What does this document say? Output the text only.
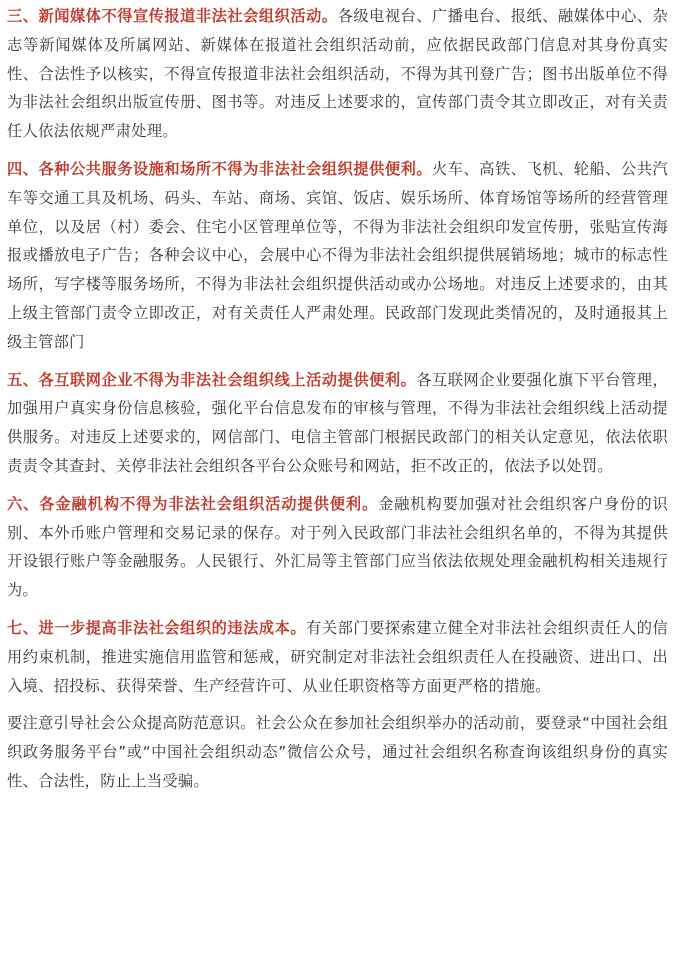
三、新闻媒体不得宣传报道非法社会组织活动。各级电视台、广播电台、报纸、融媒体中心、杂志等新闻媒体及所属网站、新媒体在报道社会组织活动前，应依据民政部门信息对其身份真实性、合法性予以核实，不得宣传报道非法社会组织活动，不得为其刊登广告；图书出版单位不得为非法社会组织出版宣传册、图书等。对违反上述要求的，宣传部门责令其立即改正，对有关责任人依法依规严肃处理。

四、各种公共服务设施和场所不得为非法社会组织提供便利。火车、高铁、飞机、轮船、公共汽车等交通工具及机场、码头、车站、商场、宾馆、饭店、娱乐场所、体育场馆等场所的经营管理单位，以及居（村）委会、住宅小区管理单位等，不得为非法社会组织印发宣传册，张贴宣传海报或播放电子广告；各种会议中心，会展中心不得为非法社会组织提供展销场地；城市的标志性场所，写字楼等服务场所，不得为非法社会组织提供活动或办公场地。对违反上述要求的，由其上级主管部门责令立即改正，对有关责任人严肃处理。民政部门发现此类情况的，及时通报其上级主管部门

五、各互联网企业不得为非法社会组织线上活动提供便利。各互联网企业要强化旗下平台管理，加强用户真实身份信息核验，强化平台信息发布的审核与管理，不得为非法社会组织线上活动提供服务。对违反上述要求的，网信部门、电信主管部门根据民政部门的相关认定意见，依法依职责责令其查封、关停非法社会组织各平台公众账号和网站，拒不改正的，依法予以处罚。

六、各金融机构不得为非法社会组织活动提供便利。金融机构要加强对社会组织客户身份的识别、本外币账户管理和交易记录的保存。对于列入民政部门非法社会组织名单的，不得为其提供开设银行账户等金融服务。人民银行、外汇局等主管部门应当依法依规处理金融机构相关违规行为。

七、进一步提高非法社会组织的违法成本。有关部门要探索建立健全对非法社会组织责任人的信用约束机制，推进实施信用监管和惩戒，研究制定对非法社会组织责任人在投融资、进出口、出入境、招投标、获得荣誉、生产经营许可、从业任职资格等方面更严格的措施。

要注意引导社会公众提高防范意识。社会公众在参加社会组织举办的活动前，要登录“中国社会组织政务服务平台”或“中国社会组织动态”微信公众号，通过社会组织名称查询该组织身份的真实性、合法性，防止上当受骗。
